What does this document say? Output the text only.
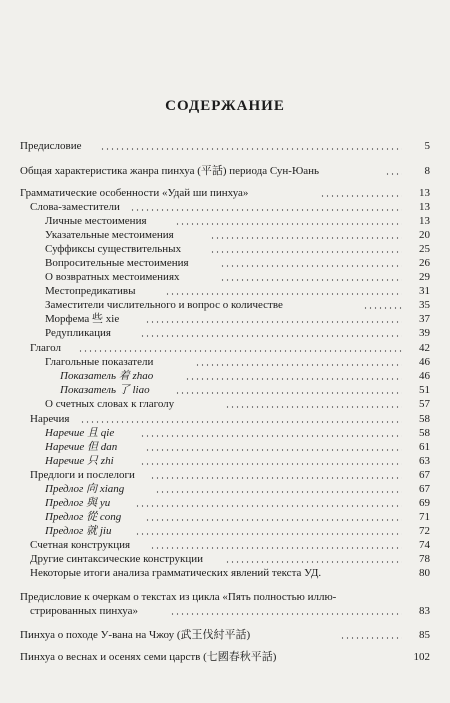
СОДЕРЖАНИЕ
Предисловие	5
Общая характеристика жанра пинхуа (平話) периода Сун-Юань	8
Грамматические особенности «Удай ши пинхуа»	13
Слова-заместители	13
Личные местоимения	13
Указательные местоимения	20
Суффиксы существительных	25
Вопросительные местоимения	26
О возвратных местоимениях	29
Местопредикативы	31
Заместители числительного и вопрос о количестве	35
Морфема 些 xie	37
Редупликация	39
Глагол	42
Глагольные показатели	46
Показатель 着 zhao	46
Показатель 了 liao	51
О счетных словах к глаголу	57
Наречия	58
Наречие 且 qie	58
Наречие 但 dan	61
Наречие 只 zhi	63
Предлоги и послелоги	67
Предлог 向 xiang	67
Предлог 與 yu	69
Предлог 從 cong	71
Предлог 就 jiu	72
Счетная конструкция	74
Другие синтаксические конструкции	78
Некоторые итоги анализа грамматических явлений текста УД.	80
Предисловие к очеркам о текстах из цикла «Пять полностью иллю-
стрированных пинхуа»	83
Пинхуа о походе У-вана на Чжоу (武王伐紂平話)	85
Пинхуа о веснах и осенях семи царств (七國春秋平話)	102
